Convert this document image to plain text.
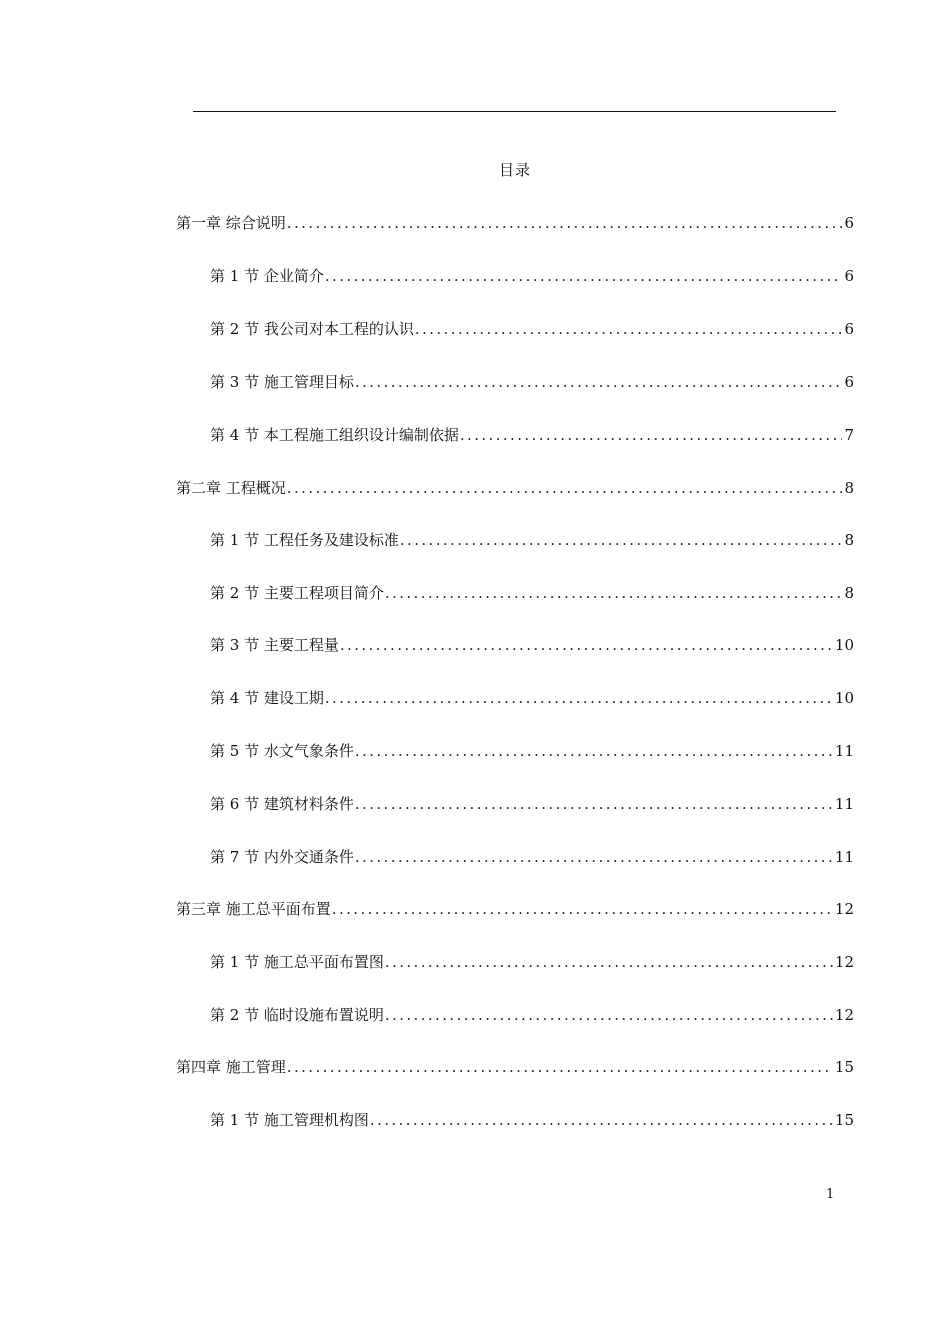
目录
第一章 综合说明 .....	6
第 1 节 企业简介 .....	6
第 2 节 我公司对本工程的认识 .....	6
第 3 节 施工管理目标 .....	6
第 4 节 本工程施工组织设计编制依据 .....	7
第二章 工程概况 .....	8
第 1 节 工程任务及建设标准 .....	8
第 2 节 主要工程项目简介 .....	8
第 3 节 主要工程量 .....	10
第 4 节 建设工期 .....	10
第 5 节 水文气象条件 .....	11
第 6 节 建筑材料条件 .....	11
第 7 节 内外交通条件 .....	11
第三章 施工总平面布置 .....	12
第 1 节 施工总平面布置图 .....	12
第 2 节 临时设施布置说明 .....	12
第四章 施工管理 .....	15
第 1 节 施工管理机构图 .....	15
1
